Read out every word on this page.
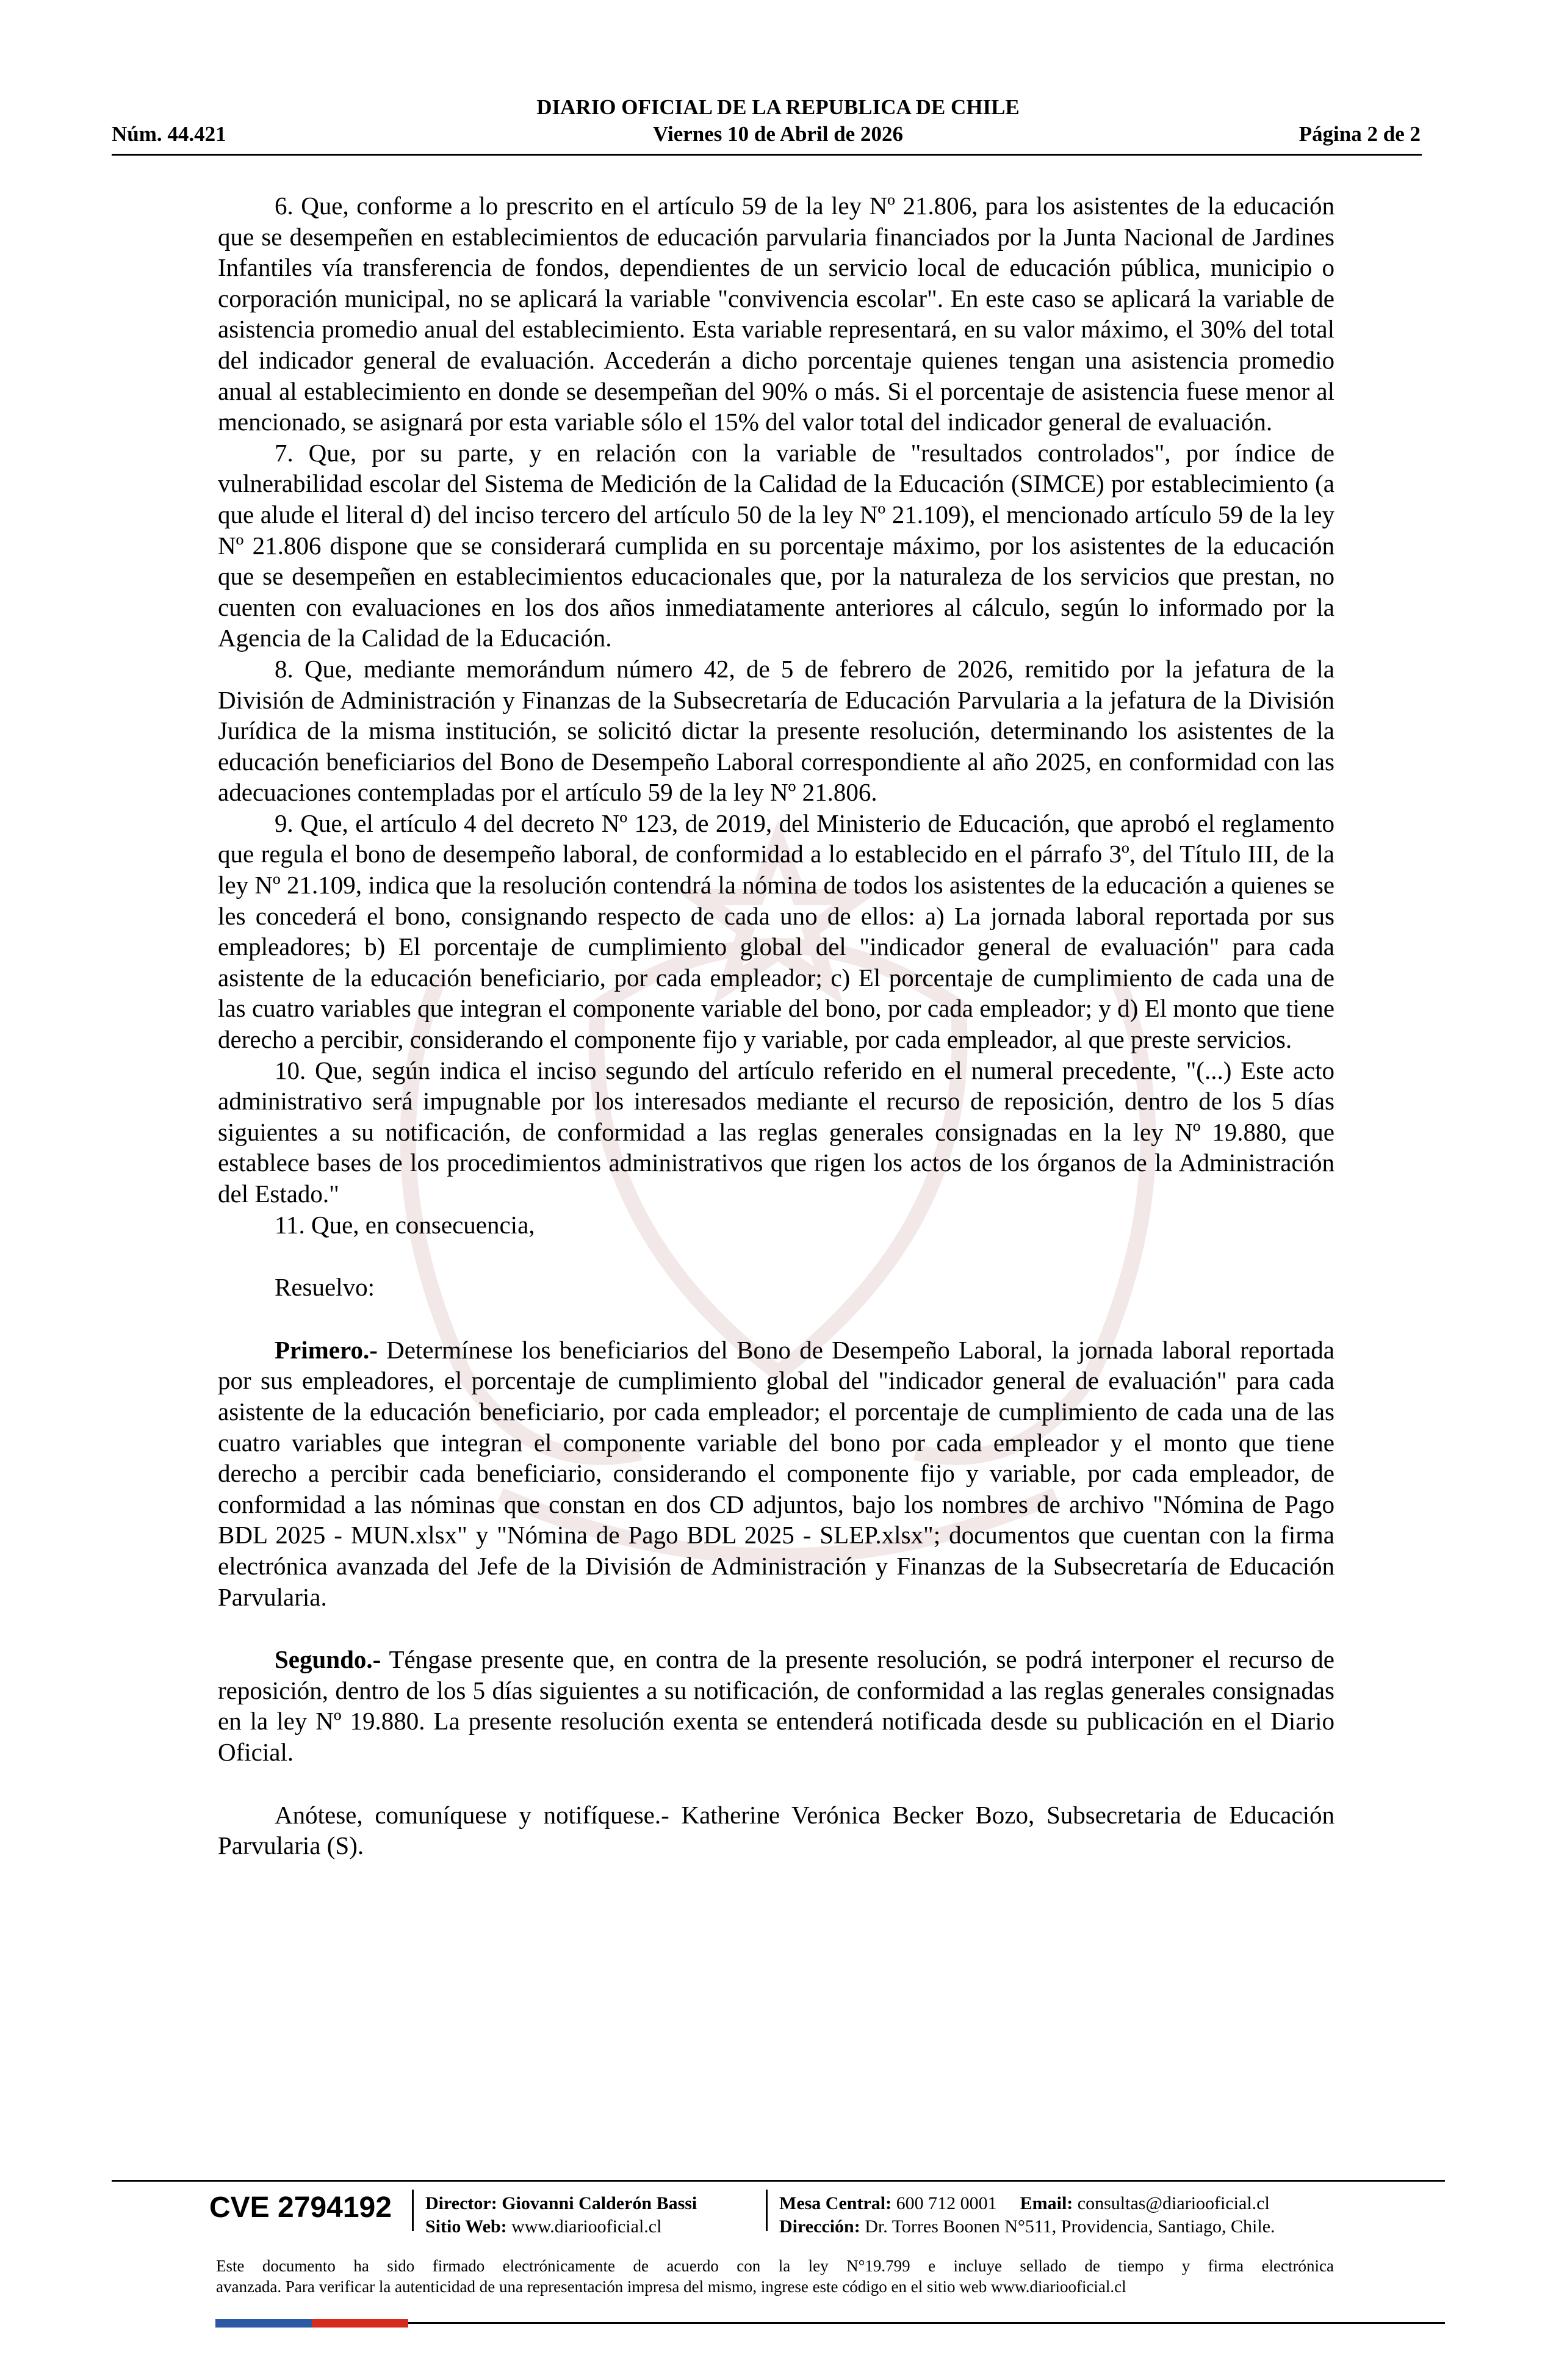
DIARIO OFICIAL DE LA REPUBLICA DE CHILE
Núm. 44.421	Viernes 10 de Abril de 2026	Página 2 de 2

6. Que, conforme a lo prescrito en el artículo 59 de la ley Nº 21.806, para los asistentes de la educación que se desempeñen en establecimientos de educación parvularia financiados por la Junta Nacional de Jardines Infantiles vía transferencia de fondos, dependientes de un servicio local de educación pública, municipio o corporación municipal, no se aplicará la variable "convivencia escolar". En este caso se aplicará la variable de asistencia promedio anual del establecimiento. Esta variable representará, en su valor máximo, el 30% del total del indicador general de evaluación. Accederán a dicho porcentaje quienes tengan una asistencia promedio anual al establecimiento en donde se desempeñan del 90% o más. Si el porcentaje de asistencia fuese menor al mencionado, se asignará por esta variable sólo el 15% del valor total del indicador general de evaluación.

7. Que, por su parte, y en relación con la variable de "resultados controlados", por índice de vulnerabilidad escolar del Sistema de Medición de la Calidad de la Educación (SIMCE) por establecimiento (a que alude el literal d) del inciso tercero del artículo 50 de la ley Nº 21.109), el mencionado artículo 59 de la ley Nº 21.806 dispone que se considerará cumplida en su porcentaje máximo, por los asistentes de la educación que se desempeñen en establecimientos educacionales que, por la naturaleza de los servicios que prestan, no cuenten con evaluaciones en los dos años inmediatamente anteriores al cálculo, según lo informado por la Agencia de la Calidad de la Educación.

8. Que, mediante memorándum número 42, de 5 de febrero de 2026, remitido por la jefatura de la División de Administración y Finanzas de la Subsecretaría de Educación Parvularia a la jefatura de la División Jurídica de la misma institución, se solicitó dictar la presente resolución, determinando los asistentes de la educación beneficiarios del Bono de Desempeño Laboral correspondiente al año 2025, en conformidad con las adecuaciones contempladas por el artículo 59 de la ley Nº 21.806.

9. Que, el artículo 4 del decreto Nº 123, de 2019, del Ministerio de Educación, que aprobó el reglamento que regula el bono de desempeño laboral, de conformidad a lo establecido en el párrafo 3º, del Título III, de la ley Nº 21.109, indica que la resolución contendrá la nómina de todos los asistentes de la educación a quienes se les concederá el bono, consignando respecto de cada uno de ellos: a) La jornada laboral reportada por sus empleadores; b) El porcentaje de cumplimiento global del "indicador general de evaluación" para cada asistente de la educación beneficiario, por cada empleador; c) El porcentaje de cumplimiento de cada una de las cuatro variables que integran el componente variable del bono, por cada empleador; y d) El monto que tiene derecho a percibir, considerando el componente fijo y variable, por cada empleador, al que preste servicios.

10. Que, según indica el inciso segundo del artículo referido en el numeral precedente, "(...) Este acto administrativo será impugnable por los interesados mediante el recurso de reposición, dentro de los 5 días siguientes a su notificación, de conformidad a las reglas generales consignadas en la ley Nº 19.880, que establece bases de los procedimientos administrativos que rigen los actos de los órganos de la Administración del Estado."

11. Que, en consecuencia,

Resuelvo:

Primero.- Determínese los beneficiarios del Bono de Desempeño Laboral, la jornada laboral reportada por sus empleadores, el porcentaje de cumplimiento global del "indicador general de evaluación" para cada asistente de la educación beneficiario, por cada empleador; el porcentaje de cumplimiento de cada una de las cuatro variables que integran el componente variable del bono por cada empleador y el monto que tiene derecho a percibir cada beneficiario, considerando el componente fijo y variable, por cada empleador, de conformidad a las nóminas que constan en dos CD adjuntos, bajo los nombres de archivo "Nómina de Pago BDL 2025 - MUN.xlsx" y "Nómina de Pago BDL 2025 - SLEP.xlsx"; documentos que cuentan con la firma electrónica avanzada del Jefe de la División de Administración y Finanzas de la Subsecretaría de Educación Parvularia.

Segundo.- Téngase presente que, en contra de la presente resolución, se podrá interponer el recurso de reposición, dentro de los 5 días siguientes a su notificación, de conformidad a las reglas generales consignadas en la ley Nº 19.880. La presente resolución exenta se entenderá notificada desde su publicación en el Diario Oficial.

Anótese, comuníquese y notifíquese.- Katherine Verónica Becker Bozo, Subsecretaria de Educación Parvularia (S).

CVE 2794192 Director: Giovanni Calderón Bassi
Sitio Web: www.diariooficial.cl
Mesa Central: 600 712 0001 Email: consultas@diariooficial.cl
Dirección: Dr. Torres Boonen N°511, Providencia, Santiago, Chile.
Este documento ha sido firmado electrónicamente de acuerdo con la ley N°19.799 e incluye sellado de tiempo y firma electrónica
avanzada. Para verificar la autenticidad de una representación impresa del mismo, ingrese este código en el sitio web www.diariooficial.cl
